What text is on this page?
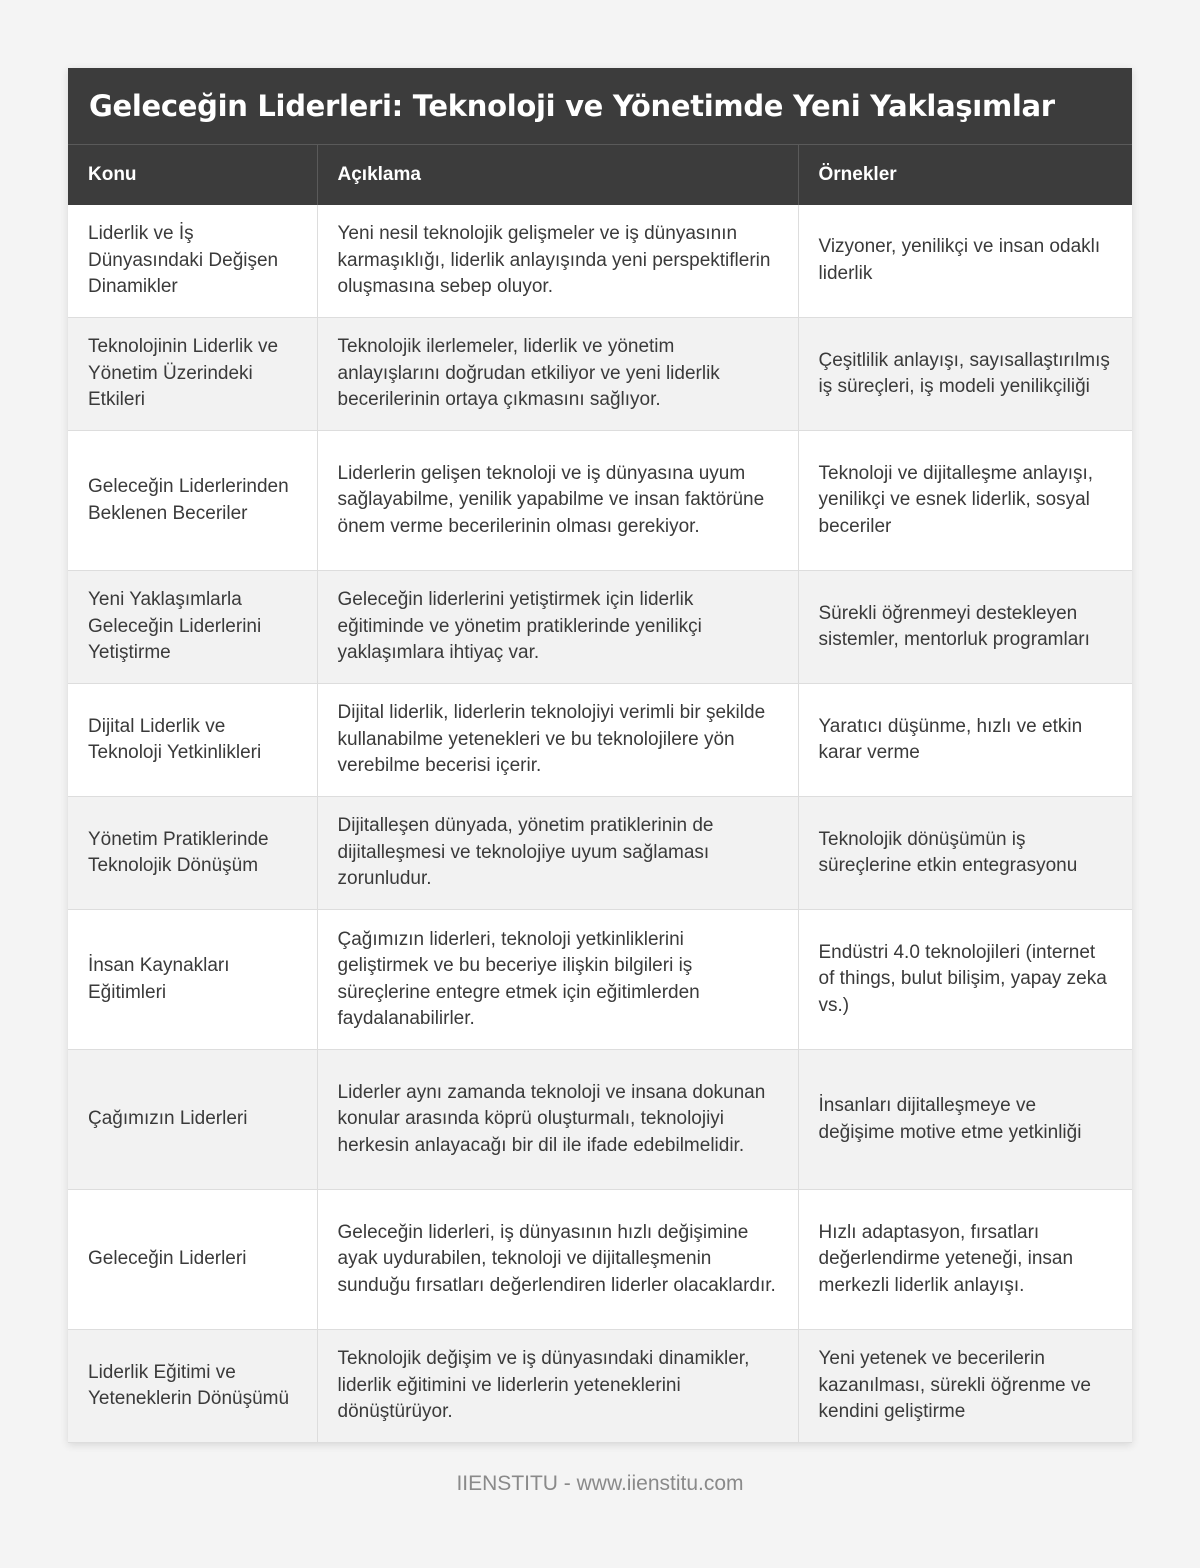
Geleceğin Liderleri: Teknoloji ve Yönetimde Yeni Yaklaşımlar
Konu	Açıklama	Örnekler
Liderlik ve İş Dünyasındaki Değişen Dinamikler	Yeni nesil teknolojik gelişmeler ve iş dünyasının karmaşıklığı, liderlik anlayışında yeni perspektiflerin oluşmasına sebep oluyor.	Vizyoner, yenilikçi ve insan odaklı liderlik
Teknolojinin Liderlik ve Yönetim Üzerindeki Etkileri	Teknolojik ilerlemeler, liderlik ve yönetim anlayışlarını doğrudan etkiliyor ve yeni liderlik becerilerinin ortaya çıkmasını sağlıyor.	Çeşitlilik anlayışı, sayısallaştırılmış iş süreçleri, iş modeli yenilikçiliği
Geleceğin Liderlerinden Beklenen Beceriler	Liderlerin gelişen teknoloji ve iş dünyasına uyum sağlayabilme, yenilik yapabilme ve insan faktörüne önem verme becerilerinin olması gerekiyor.	Teknoloji ve dijitalleşme anlayışı, yenilikçi ve esnek liderlik, sosyal beceriler
Yeni Yaklaşımlarla Geleceğin Liderlerini Yetiştirme	Geleceğin liderlerini yetiştirmek için liderlik eğitiminde ve yönetim pratiklerinde yenilikçi yaklaşımlara ihtiyaç var.	Sürekli öğrenmeyi destekleyen sistemler, mentorluk programları
Dijital Liderlik ve Teknoloji Yetkinlikleri	Dijital liderlik, liderlerin teknolojiyi verimli bir şekilde kullanabilme yetenekleri ve bu teknolojilere yön verebilme becerisi içerir.	Yaratıcı düşünme, hızlı ve etkin karar verme
Yönetim Pratiklerinde Teknolojik Dönüşüm	Dijitalleşen dünyada, yönetim pratiklerinin de dijitalleşmesi ve teknolojiye uyum sağlaması zorunludur.	Teknolojik dönüşümün iş süreçlerine etkin entegrasyonu
İnsan Kaynakları Eğitimleri	Çağımızın liderleri, teknoloji yetkinliklerini geliştirmek ve bu beceriye ilişkin bilgileri iş süreçlerine entegre etmek için eğitimlerden faydalanabilirler.	Endüstri 4.0 teknolojileri (internet of things, bulut bilişim, yapay zeka vs.)
Çağımızın Liderleri	Liderler aynı zamanda teknoloji ve insana dokunan konular arasında köprü oluşturmalı, teknolojiyi herkesin anlayacağı bir dil ile ifade edebilmelidir.	İnsanları dijitalleşmeye ve değişime motive etme yetkinliği
Geleceğin Liderleri	Geleceğin liderleri, iş dünyasının hızlı değişimine ayak uydurabilen, teknoloji ve dijitalleşmenin sunduğu fırsatları değerlendiren liderler olacaklardır.	Hızlı adaptasyon, fırsatları değerlendirme yeteneği, insan merkezli liderlik anlayışı.
Liderlik Eğitimi ve Yeteneklerin Dönüşümü	Teknolojik değişim ve iş dünyasındaki dinamikler, liderlik eğitimini ve liderlerin yeteneklerini dönüştürüyor.	Yeni yetenek ve becerilerin kazanılması, sürekli öğrenme ve kendini geliştirme
IIENSTITU - www.iienstitu.com
